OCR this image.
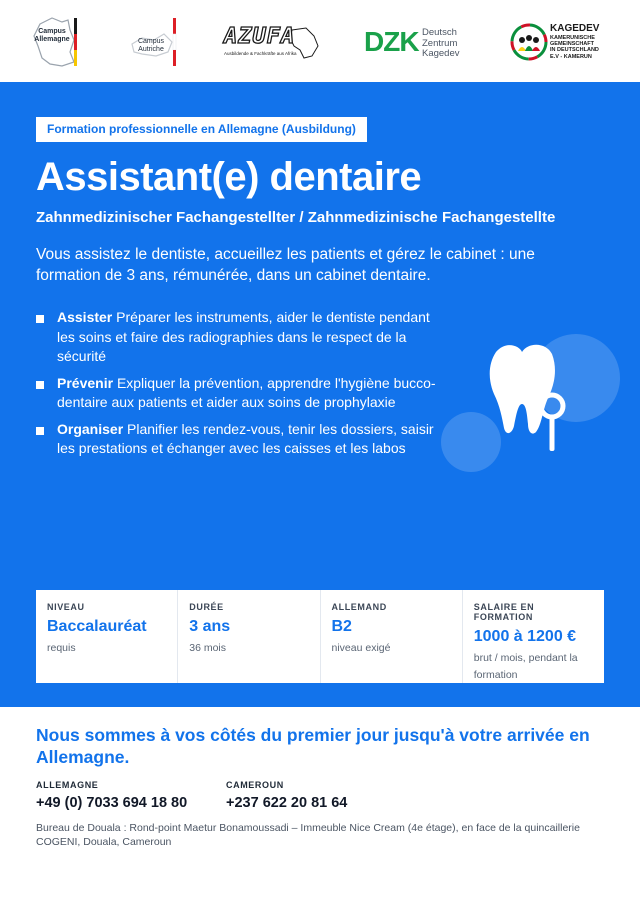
Campus
Allemagne	Campus
Autriche
AZUFA
Ausbildende & Fachkräfte aus Afrika DZK Deutsch
Zentrum
Kagedev
KAGEDEV
KAMERUNISCHE
GEMEINSCHAFT
IN DEUTSCHLAND
E.V - KAMERUN
Formation professionnelle en Allemagne (Ausbildung)
Assistant(e) dentaire
Zahnmedizinischer Fachangestellter / Zahnmedizinische Fachangestellte

Vous assistez le dentiste, accueillez les patients et gérez le cabinet : une formation de 3 ans, rémunérée, dans un cabinet dentaire.

Assister Préparer les instruments, aider le dentiste pendant les soins et faire des radiographies dans le respect de la sécurité
Prévenir Expliquer la prévention, apprendre l'hygiène bucco-dentaire aux patients et aider aux soins de prophylaxie
Organiser Planifier les rendez-vous, tenir les dossiers, saisir les prestations et échanger avec les caisses et les labos
NIVEAU
Baccalauréat
requis
DURÉE
3 ans
36 mois
ALLEMAND
B2
niveau exigé
SALAIRE EN FORMATION
1000 à 1200 €
brut / mois, pendant la formation
Nous sommes à vos côtés du premier jour jusqu'à votre arrivée en Allemagne.
ALLEMAGNE
+49 (0) 7033 694 18 80
CAMEROUN
+237 622 20 81 64

Bureau de Douala : Rond-point Maetur Bonamoussadi – Immeuble Nice Cream (4e étage), en face de la quincaillerie COGENI, Douala, Cameroun
